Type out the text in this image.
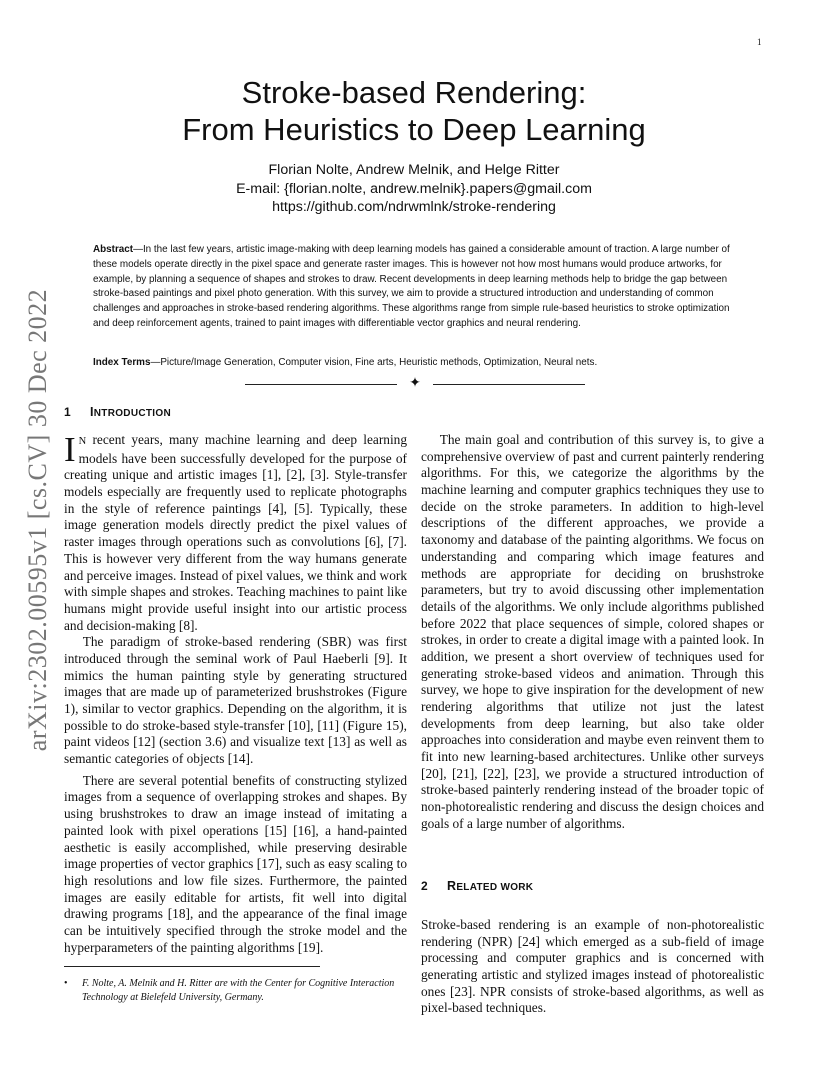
1
arXiv:2302.00595v1 [cs.CV] 30 Dec 2022
Stroke-based Rendering:
From Heuristics to Deep Learning
Florian Nolte, Andrew Melnik, and Helge Ritter
E-mail: {florian.nolte, andrew.melnik}.papers@gmail.com
https://github.com/ndrwmlnk/stroke-rendering
Abstract—In the last few years, artistic image-making with deep learning models has gained a considerable amount of traction. A large number of these models operate directly in the pixel space and generate raster images. This is however not how most humans would produce artworks, for example, by planning a sequence of shapes and strokes to draw. Recent developments in deep learning methods help to bridge the gap between stroke-based paintings and pixel photo generation. With this survey, we aim to provide a structured introduction and understanding of common challenges and approaches in stroke-based rendering algorithms. These algorithms range from simple rule-based heuristics to stroke optimization and deep reinforcement agents, trained to paint images with differentiable vector graphics and neural rendering.
Index Terms—Picture/Image Generation, Computer vision, Fine arts, Heuristic methods, Optimization, Neural nets.
✦
1 INTRODUCTION

I N recent years, many machine learning and deep learning models have been successfully developed for the purpose of creating unique and artistic images [1], [2], [3]. Style-transfer models especially are frequently used to replicate photographs in the style of reference paintings [4], [5]. Typically, these image generation models directly predict the pixel values of raster images through operations such as convolutions [6], [7]. This is however very different from the way humans generate and perceive images. Instead of pixel values, we think and work with simple shapes and strokes. Teaching machines to paint like humans might provide useful insight into our artistic process and decision-making [8].

The paradigm of stroke-based rendering (SBR) was first introduced through the seminal work of Paul Haeberli [9]. It mimics the human painting style by generating structured images that are made up of parameterized brushstrokes (Figure 1), similar to vector graphics. Depending on the algorithm, it is possible to do stroke-based style-transfer [10], [11] (Figure 15), paint videos [12] (section 3.6) and visualize text [13] as well as semantic categories of objects [14].

There are several potential benefits of constructing stylized images from a sequence of overlapping strokes and shapes. By using brushstrokes to draw an image instead of imitating a painted look with pixel operations [15] [16], a hand-painted aesthetic is easily accomplished, while preserving desirable image properties of vector graphics [17], such as easy scaling to high resolutions and low file sizes. Furthermore, the painted images are easily editable for artists, fit well into digital drawing programs [18], and the appearance of the final image can be intuitively specified through the stroke model and the hyperparameters of the painting algorithms [19].

The main goal and contribution of this survey is, to give a comprehensive overview of past and current painterly rendering algorithms. For this, we categorize the algorithms by the machine learning and computer graphics techniques they use to decide on the stroke parameters. In addition to high-level descriptions of the different approaches, we provide a taxonomy and database of the painting algorithms. We focus on understanding and comparing which image features and methods are appropriate for deciding on brushstroke parameters, but try to avoid discussing other implementation details of the algorithms. We only include algorithms published before 2022 that place sequences of simple, colored shapes or strokes, in order to create a digital image with a painted look. In addition, we present a short overview of techniques used for generating stroke-based videos and animation. Through this survey, we hope to give inspiration for the development of new rendering algorithms that utilize not just the latest developments from deep learning, but also take older approaches into consideration and maybe even reinvent them to fit into new learning-based architectures. Unlike other surveys [20], [21], [22], [23], we provide a structured introduction of stroke-based painterly rendering instead of the broader topic of non-photorealistic rendering and discuss the design choices and goals of a large number of algorithms.

2 RELATED WORK

Stroke-based rendering is an example of non-photorealistic rendering (NPR) [24] which emerged as a sub-field of image processing and computer graphics and is concerned with generating artistic and stylized images instead of photorealistic ones [23]. NPR consists of stroke-based algorithms, as well as pixel-based techniques.

• F. Nolte, A. Melnik and H. Ritter are with the Center for Cognitive Interaction Technology at Bielefeld University, Germany.
